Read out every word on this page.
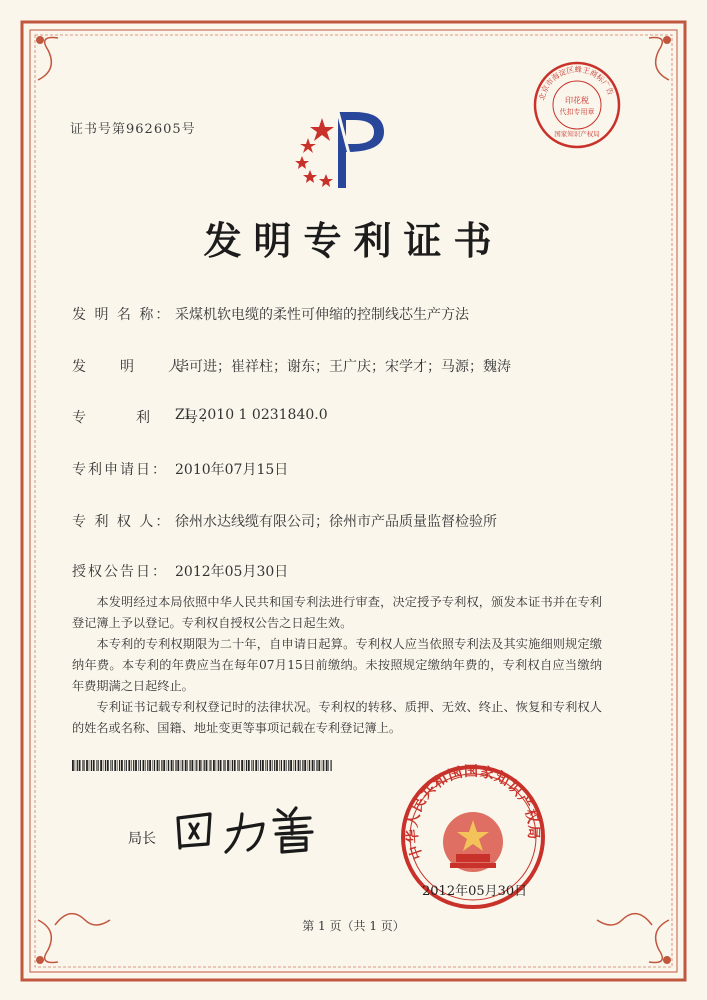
证书号第962605号
北京市海淀区蜂王商标广告
印花税
代扣专用章
国家知识产权局
发明专利证书
发 明 名 称： 采煤机软电缆的柔性可伸缩的控制线芯生产方法
发　　明　　人：
毕可进；崔祥柱；谢东；王广庆；宋学才；马源；魏涛
专　　　利　　号：
ZL 2010 1 0231840.0
专利申请日： 2010年07月15日
专 利 权 人： 徐州水达线缆有限公司；徐州市产品质量监督检验所
授权公告日： 2012年05月30日

本发明经过本局依照中华人民共和国专利法进行审查，决定授予专利权，颁发本证书并在专利登记簿上予以登记。专利权自授权公告之日起生效。

本专利的专利权期限为二十年，自申请日起算。专利权人应当依照专利法及其实施细则规定缴纳年费。本专利的年费应当在每年07月15日前缴纳。未按照规定缴纳年费的，专利权自应当缴纳年费期满之日起终止。

专利证书记载专利权登记时的法律状况。专利权的转移、质押、无效、终止、恢复和专利权人的姓名或名称、国籍、地址变更等事项记载在专利登记簿上。

中华人民共和国国家知识产权局
局长
2012年05月30日
第 1 页（共 1 页）
